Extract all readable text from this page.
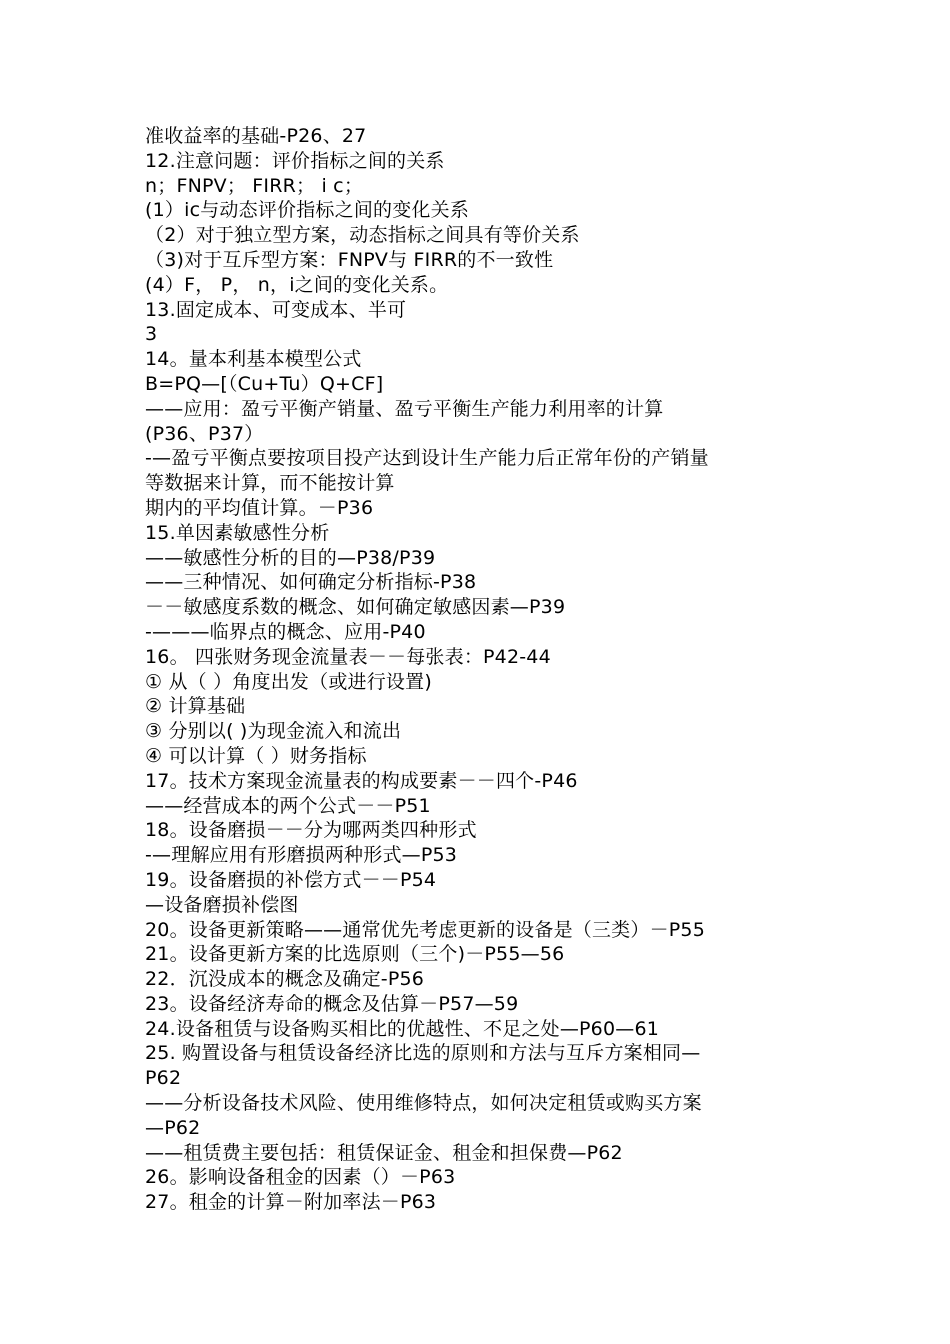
准收益率的基础-P26、27
12.注意问题：评价指标之间的关系
n；FNPV； FIRR； i c；
(1）ic与动态评价指标之间的变化关系
（2）对于独立型方案，动态指标之间具有等价关系
（3)对于互斥型方案：FNPV与 FIRR的不一致性
(4）F， P， n，i之间的变化关系。
13.固定成本、可变成本、半可
3
14。量本利基本模型公式
B=PQ—[（Cu+Tu）Q+CF]
——应用：盈亏平衡产销量、盈亏平衡生产能力利用率的计算
(P36、P37）
-—盈亏平衡点要按项目投产达到设计生产能力后正常年份的产销量
等数据来计算，而不能按计算
期内的平均值计算。－P36
15.单因素敏感性分析
——敏感性分析的目的—P38/P39
——三种情况、如何确定分析指标-P38
－－敏感度系数的概念、如何确定敏感因素—P39
-———临界点的概念、应用-P40
16。 四张财务现金流量表－－每张表：P42-44
① 从（ ）角度出发（或进行设置)
② 计算基础
③ 分别以( )为现金流入和流出
④ 可以计算（ ）财务指标
17。技术方案现金流量表的构成要素－－四个-P46
——经营成本的两个公式－－P51
18。设备磨损－－分为哪两类四种形式
-—理解应用有形磨损两种形式—P53
19。设备磨损的补偿方式－－P54
—设备磨损补偿图
20。设备更新策略——通常优先考虑更新的设备是（三类）－P55
21。设备更新方案的比选原则（三个)－P55—56
22．沉没成本的概念及确定-P56
23。设备经济寿命的概念及估算－P57—59
24.设备租赁与设备购买相比的优越性、不足之处—P60—61
25. 购置设备与租赁设备经济比选的原则和方法与互斥方案相同—
P62
——分析设备技术风险、使用维修特点，如何决定租赁或购买方案
—P62
——租赁费主要包括：租赁保证金、租金和担保费—P62
26。影响设备租金的因素（）－P63
27。租金的计算－附加率法－P63
